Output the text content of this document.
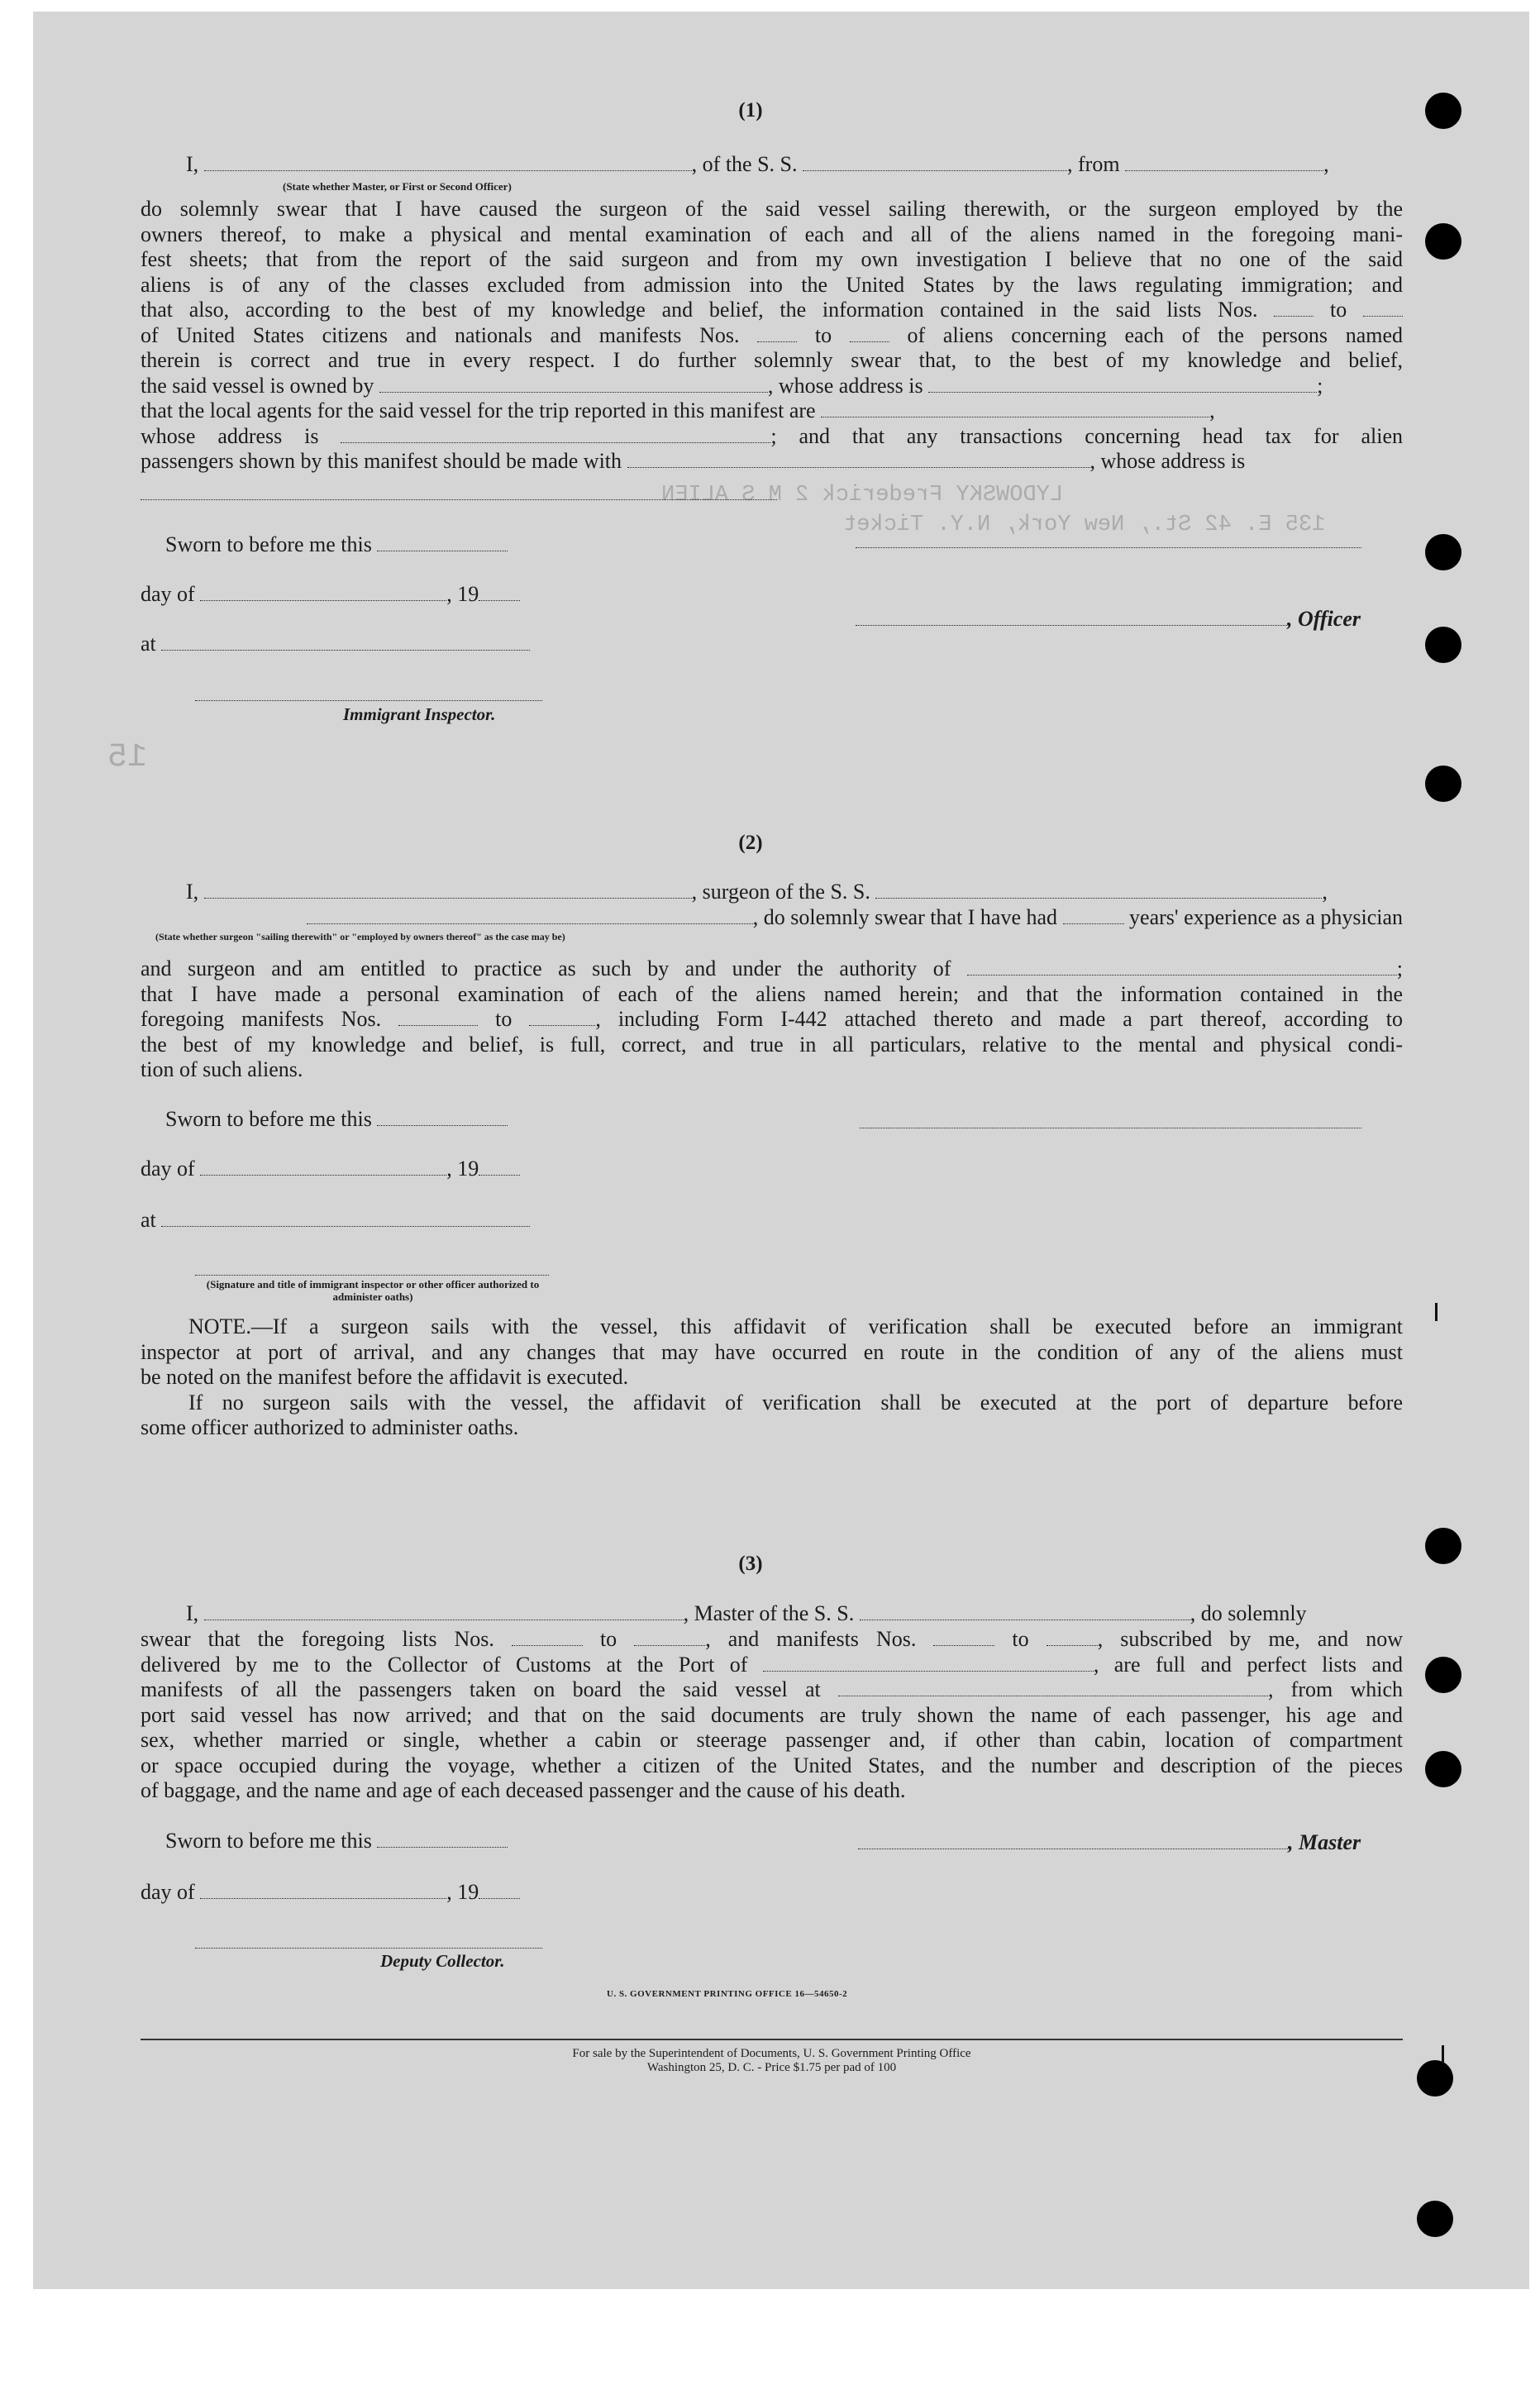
LYDOWSKY Frederick 2 M S ALIEN
135 E. 42 St., New York, N.Y. Ticket
15
(1)
I,	, of the S. S.	, from	,
(State whether Master, or First or Second Officer)
do solemnly swear that I have caused the surgeon of the said vessel sailing therewith, or the surgeon employed by the
owners thereof, to make a physical and mental examination of each and all of the aliens named in the foregoing mani-
fest sheets; that from the report of the said surgeon and from my own investigation I believe that no one of the said
aliens is of any of the classes excluded from admission into the United States by the laws regulating immigration; and
that also, according to the best of my knowledge and belief, the information contained in the said lists Nos.	to
of United States citizens and nationals and manifests Nos.	to	of aliens concerning each of the persons named
therein is correct and true in every respect. I do further solemnly swear that, to the best of my knowledge and belief,
the said vessel is owned by	, whose address is	;
that the local agents for the said vessel for the trip reported in this manifest are	,
whose address is	; and that any transactions concerning head tax for alien
passengers shown by this manifest should be made with	, whose address is
Sworn to before me this
day of	, 19
at
Immigrant Inspector.
, Officer
(2)
I,	, surgeon of the S. S.	,
, do solemnly swear that I have had	years' experience as a physician
(State whether surgeon "sailing therewith" or "employed by owners thereof" as the case may be)
and surgeon and am entitled to practice as such by and under the authority of	;
that I have made a personal examination of each of the aliens named herein; and that the information contained in the
foregoing manifests Nos.	to	, including Form I-442 attached thereto and made a part thereof, according to
the best of my knowledge and belief, is full, correct, and true in all particulars, relative to the mental and physical condi-
tion of such aliens.
Sworn to before me this
day of	, 19
at
(Signature and title of immigrant inspector or other officer authorized to administer oaths)
NOTE.—If a surgeon sails with the vessel, this affidavit of verification shall be executed before an immigrant
inspector at port of arrival, and any changes that may have occurred en route in the condition of any of the aliens must
be noted on the manifest before the affidavit is executed.
If no surgeon sails with the vessel, the affidavit of verification shall be executed at the port of departure before
some officer authorized to administer oaths.
(3)
I,	, Master of the S. S.	, do solemnly
swear that the foregoing lists Nos.	to	, and manifests Nos.	to	, subscribed by me, and now
delivered by me to the Collector of Customs at the Port of	, are full and perfect lists and
manifests of all the passengers taken on board the said vessel at	, from which
port said vessel has now arrived; and that on the said documents are truly shown the name of each passenger, his age and
sex, whether married or single, whether a cabin or steerage passenger and, if other than cabin, location of compartment
or space occupied during the voyage, whether a citizen of the United States, and the number and description of the pieces
of baggage, and the name and age of each deceased passenger and the cause of his death.
Sworn to before me this	, Master
day of	, 19
Deputy Collector.
U. S. GOVERNMENT PRINTING OFFICE 16—54650-2
For sale by the Superintendent of Documents, U. S. Government Printing Office
Washington 25, D. C. - Price $1.75 per pad of 100
